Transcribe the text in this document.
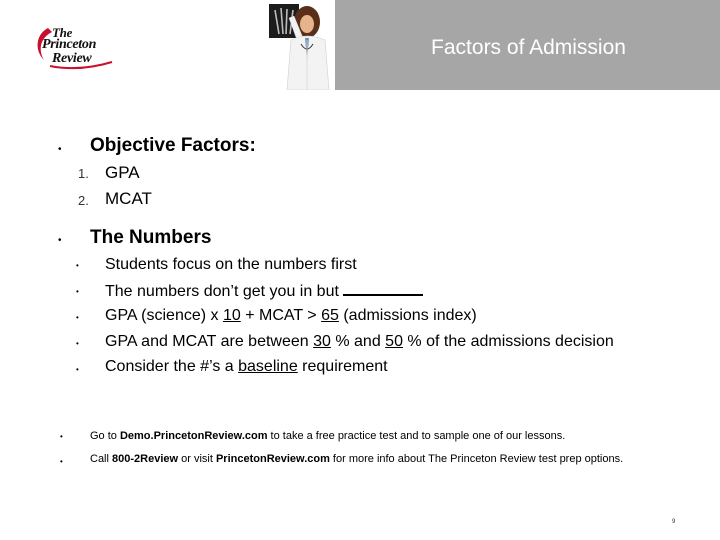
Factors of Admission
The
Princeton
Review
• Objective Factors:
1. GPA
2. MCAT
• The Numbers
• Students focus on the numbers first
• The numbers don’t get you in but
• GPA (science) x 10 + MCAT > 65 (admissions index)
• GPA and MCAT are between 30 % and 50 % of the admissions decision
• Consider the #’s a baseline requirement
• Go to Demo.PrincetonReview.com to take a free practice test and to sample one of our lessons.
• Call 800-2Review or visit PrincetonReview.com for more info about The Princeton Review test prep options.
9
